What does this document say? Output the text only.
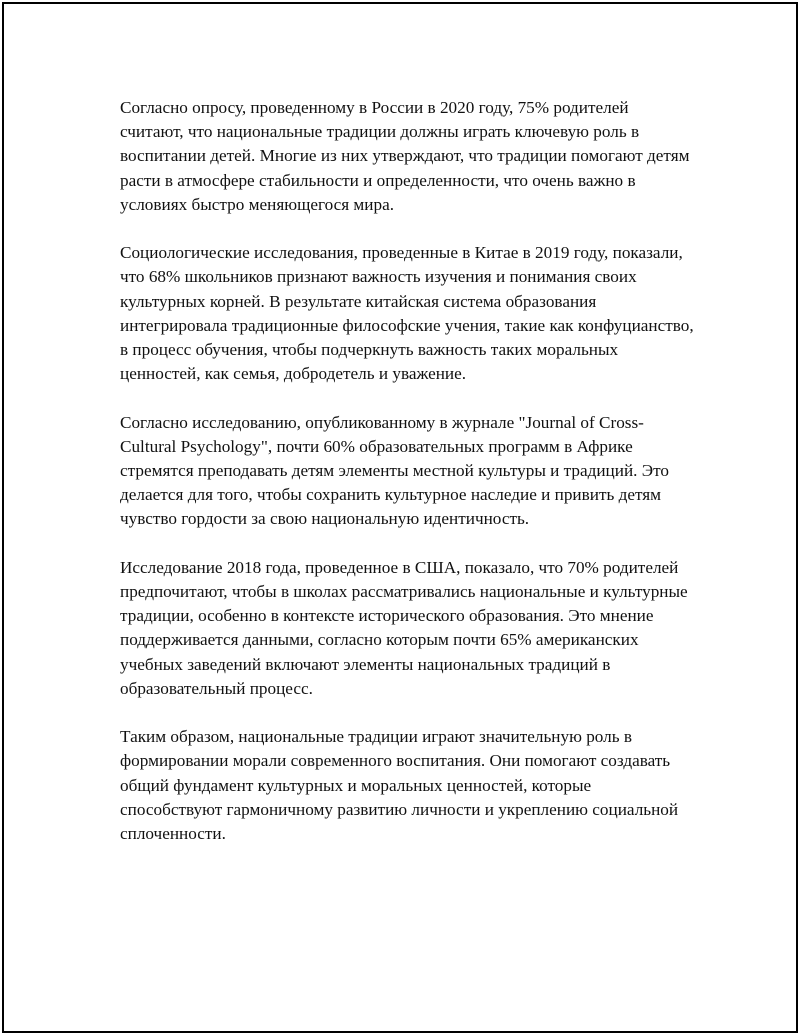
Согласно опросу, проведенному в России в 2020 году, 75% родителей считают, что национальные традиции должны играть ключевую роль в воспитании детей. Многие из них утверждают, что традиции помогают детям расти в атмосфере стабильности и определенности, что очень важно в условиях быстро меняющегося мира.

Социологические исследования, проведенные в Китае в 2019 году, показали, что 68% школьников признают важность изучения и понимания своих культурных корней. В результате китайская система образования интегрировала традиционные философские учения, такие как конфуцианство, в процесс обучения, чтобы подчеркнуть важность таких моральных ценностей, как семья, добродетель и уважение.

Согласно исследованию, опубликованному в журнале "Journal of Cross-Cultural Psychology", почти 60% образовательных программ в Африке стремятся преподавать детям элементы местной культуры и традиций. Это делается для того, чтобы сохранить культурное наследие и привить детям чувство гордости за свою национальную идентичность.

Исследование 2018 года, проведенное в США, показало, что 70% родителей предпочитают, чтобы в школах рассматривались национальные и культурные традиции, особенно в контексте исторического образования. Это мнение поддерживается данными, согласно которым почти 65% американских учебных заведений включают элементы национальных традиций в образовательный процесс.

Таким образом, национальные традиции играют значительную роль в формировании морали современного воспитания. Они помогают создавать общий фундамент культурных и моральных ценностей, которые способствуют гармоничному развитию личности и укреплению социальной сплоченности.
